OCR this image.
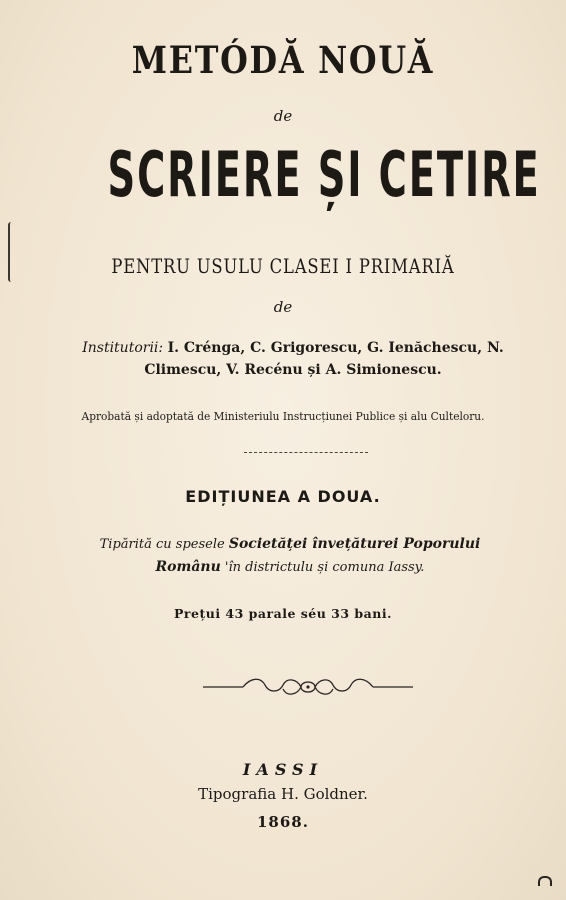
METÓDĂ NOUĂ
de
SCRIERE ȘI CETIRE
PENTRU USULU CLASEI I PRIMARIĂ
de
Institutorii: I. Crénga, C. Grigorescu, G. Ienăchescu, N.
Climescu, V. Recénu și A. Simionescu.
Aprobată și adoptată de Ministeriulu Instrucțiunei Publice și alu Culteloru.
EDIȚIUNEA A DOUA.
Tipărită cu spesele Societăței învețăturei Poporului Românu 'în districtulu și comuna Iassy.
Prețui 43 parale séu 33 bani.
IASSI
Tipografia H. Goldner.
1868.
